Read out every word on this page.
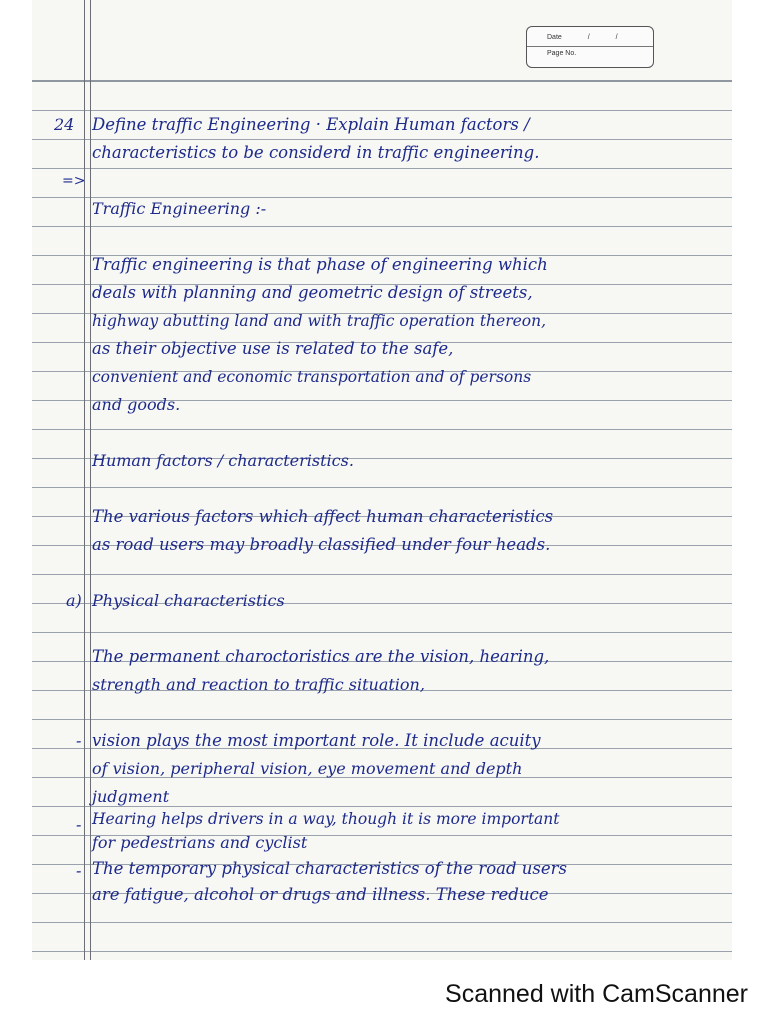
Date	/ /
Page No.
24 Define traffic Engineering · Explain Human factors /
characteristics to be considerd in traffic engineering.
=>
Traffic Engineering :-
Traffic engineering is that phase of engineering which
deals with planning and geometric design of streets,
highway abutting land and with traffic operation thereon,
as their objective use is related to the safe,
convenient and economic transportation and of persons
and goods.
Human factors / characteristics.
The various factors which affect human characteristics
as road users may broadly classified under four heads.
a) Physical characteristics
The permanent charoctoristics are the vision, hearing,
strength and reaction to traffic situation,
- vision plays the most important role. It include acuity
of vision, peripheral vision, eye movement and depth
judgment
- Hearing helps drivers in a way, though it is more important
for pedestrians and cyclist
- The temporary physical characteristics of the road users
are fatigue, alcohol or drugs and illness. These reduce
Scanned with CamScanner
